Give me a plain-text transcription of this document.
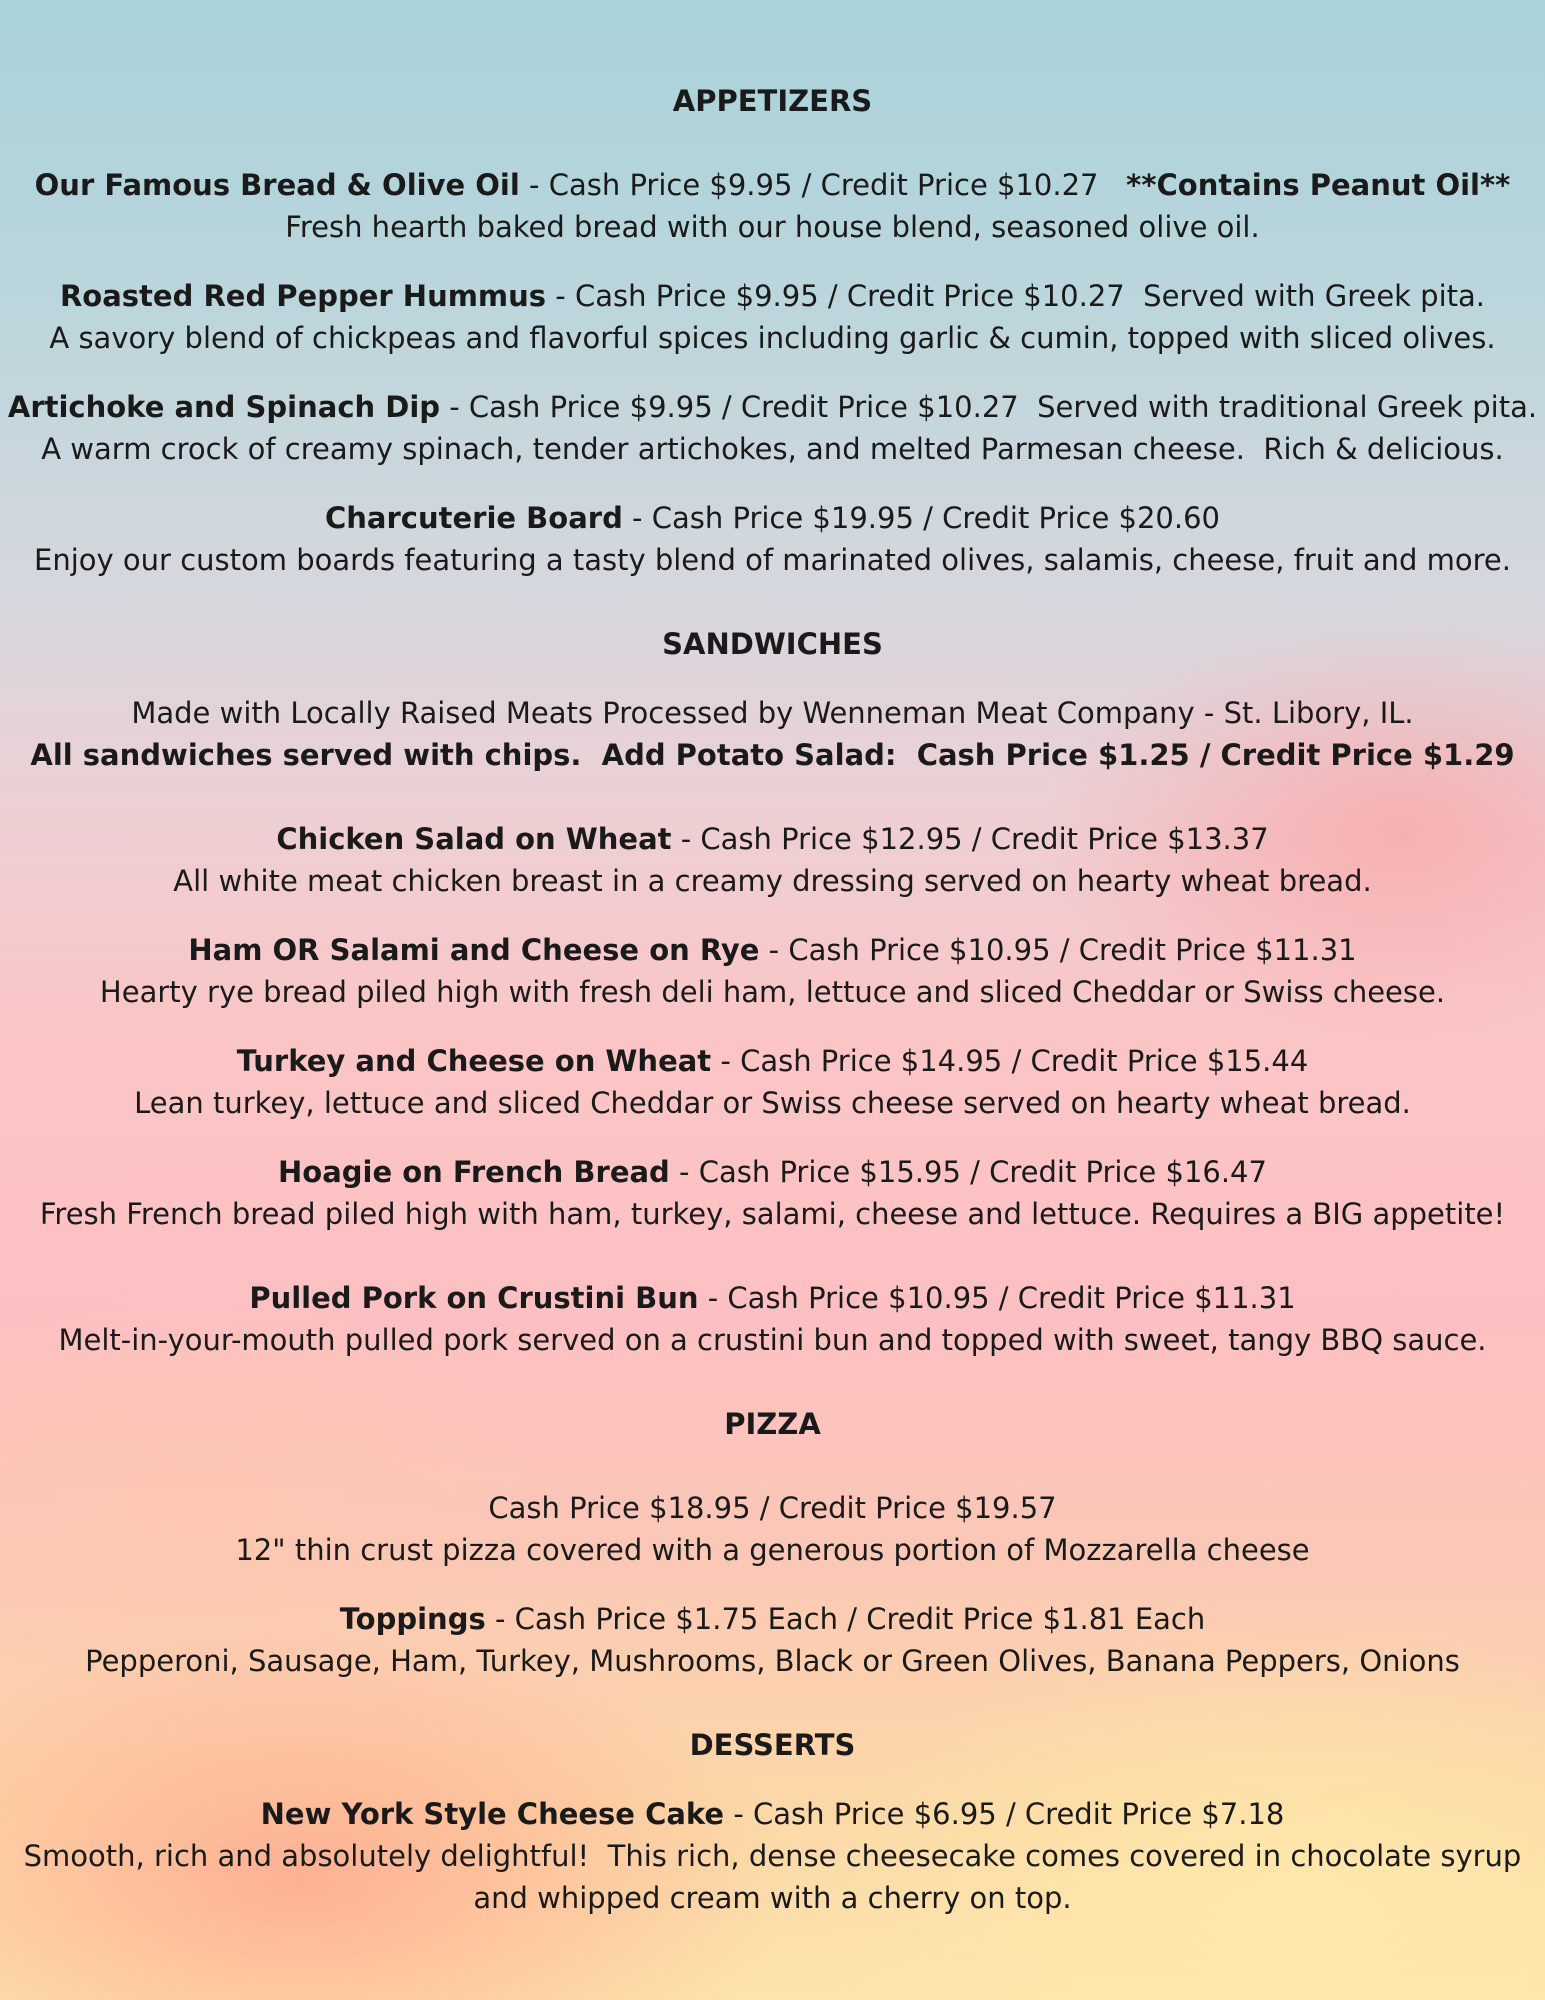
APPETIZERS
Our Famous Bread & Olive Oil - Cash Price $9.95 / Credit Price $10.27   **Contains Peanut Oil**
Fresh hearth baked bread with our house blend, seasoned olive oil.
Roasted Red Pepper Hummus - Cash Price $9.95 / Credit Price $10.27  Served with Greek pita.
A savory blend of chickpeas and flavorful spices including garlic & cumin, topped with sliced olives.
Artichoke and Spinach Dip - Cash Price $9.95 / Credit Price $10.27  Served with traditional Greek pita.
A warm crock of creamy spinach, tender artichokes, and melted Parmesan cheese.  Rich & delicious.
Charcuterie Board - Cash Price $19.95 / Credit Price $20.60
Enjoy our custom boards featuring a tasty blend of marinated olives, salamis, cheese, fruit and more.
SANDWICHES
Made with Locally Raised Meats Processed by Wenneman Meat Company - St. Libory, IL.
All sandwiches served with chips.  Add Potato Salad:  Cash Price $1.25 / Credit Price $1.29
Chicken Salad on Wheat - Cash Price $12.95 / Credit Price $13.37
All white meat chicken breast in a creamy dressing served on hearty wheat bread.
Ham OR Salami and Cheese on Rye - Cash Price $10.95 / Credit Price $11.31
Hearty rye bread piled high with fresh deli ham, lettuce and sliced Cheddar or Swiss cheese.
Turkey and Cheese on Wheat - Cash Price $14.95 / Credit Price $15.44
Lean turkey, lettuce and sliced Cheddar or Swiss cheese served on hearty wheat bread.
Hoagie on French Bread - Cash Price $15.95 / Credit Price $16.47
Fresh French bread piled high with ham, turkey, salami, cheese and lettuce. Requires a BIG appetite!
Pulled Pork on Crustini Bun - Cash Price $10.95 / Credit Price $11.31
Melt-in-your-mouth pulled pork served on a crustini bun and topped with sweet, tangy BBQ sauce.
PIZZA
Cash Price $18.95 / Credit Price $19.57
12" thin crust pizza covered with a generous portion of Mozzarella cheese
Toppings - Cash Price $1.75 Each / Credit Price $1.81 Each
Pepperoni, Sausage, Ham, Turkey, Mushrooms, Black or Green Olives, Banana Peppers, Onions
DESSERTS
New York Style Cheese Cake - Cash Price $6.95 / Credit Price $7.18
Smooth, rich and absolutely delightful!  This rich, dense cheesecake comes covered in chocolate syrup
and whipped cream with a cherry on top.
